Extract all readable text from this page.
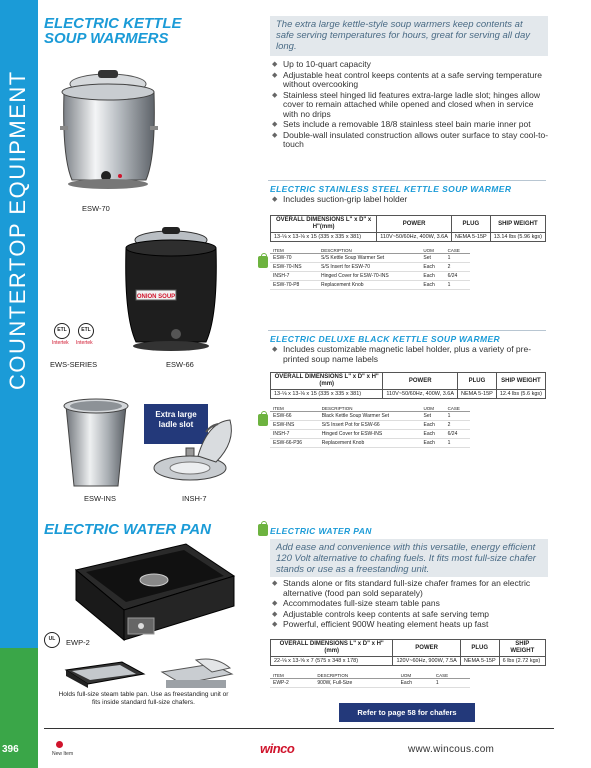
COUNTERTOP EQUIPMENT
396
ELECTRIC KETTLE
SOUP WARMERS
The extra large kettle-style soup warmers keep contents at safe serving temperatures for hours, great for serving all day long.
◆ Up to 10-quart capacity
◆ Adjustable heat control keeps contents at a safe serving temperature without overcooking
◆ Stainless steel hinged lid features extra-large ladle slot; hinges allow cover to remain attached while opened and closed when in service with no drips
◆ Sets include a removable 18/8 stainless steel bain marie inner pot
◆ Double-wall insulated construction allows outer surface to stay cool-to-touch
ESW-70
ELECTRIC STAINLESS STEEL KETTLE SOUP WARMER
◆ Includes suction-grip label holder
OVERALL DIMENSIONS L" x D" x H"(mm)	POWER	PLUG	SHIP WEIGHT
13-⅛ x 13-⅛ x 15 (335 x 335 x 381)	110V~50/60Hz, 400W, 3.6A	NEMA 5-15P	13.14 lbs (5.96 kgs)
ITEM	DESCRIPTION	UOM	CASE
ESW-70	S/S Kettle Soup Warmer Set	Set	1
ESW-70-INS	S/S Insert for ESW-70	Each	2
INSH-7	Hinged Cover for ESW-70-INS	Each	6/24
ESW-70-P8	Replacement Knob	Each	1
ONION SOUP
ESW-66
ETL	ETL
Intertek Intertek
EWS-SERIES
ELECTRIC DELUXE BLACK KETTLE SOUP WARMER
◆ Includes customizable magnetic label holder, plus a variety of pre-printed soup name labels
OVERALL DIMENSIONS L" x D" x H"(mm)	POWER	PLUG	SHIP WEIGHT
13-⅛ x 13-⅛ x 15 (335 x 335 x 381)	110V~50/60Hz, 400W, 3.6A	NEMA 5-15P	12.4 lbs (5.6 kgs)
ITEM	DESCRIPTION	UOM	CASE
ESW-66	Black Kettle Soup Warmer Set	Set	1
ESW-INS	S/S Insert Pot for ESW-66	Each	2
INSH-7	Hinged Cover for ESW-INS	Each	6/24
ESW-66-P36	Replacement Knob	Each	1
ESW-INS
Extra large
ladle slot
INSH-7
ELECTRIC WATER PAN	ELECTRIC WATER PAN
Add ease and convenience with this versatile, energy efficient 120 Volt alternative to chafing fuels. It fits most full-size chafer stands or use as a freestanding unit.
◆ Stands alone or fits standard full-size chafer frames for an electric alternative (food pan sold separately)
◆ Accommodates full-size steam table pans
◆ Adjustable controls keep contents at safe serving temp
◆ Powerful, efficient 900W heating element heats up fast
OVERALL DIMENSIONS L" x D" x H"(mm)	POWER	PLUG	SHIP WEIGHT
22-⅛ x 13-⅝ x 7 (575 x 348 x 178)	120V~60Hz, 900W, 7.5A	NEMA 5-15P	6 lbs (2.72 kgs)
ITEM	DESCRIPTION	UOM	CASE
EWP-2	900W, Full-Size	Each	1
UL	EWP-2
Holds full-size steam table pan. Use as freestanding unit or fits inside standard full-size chafers.
Refer to page 58 for chafers
New Item	winco	www.wincous.com
